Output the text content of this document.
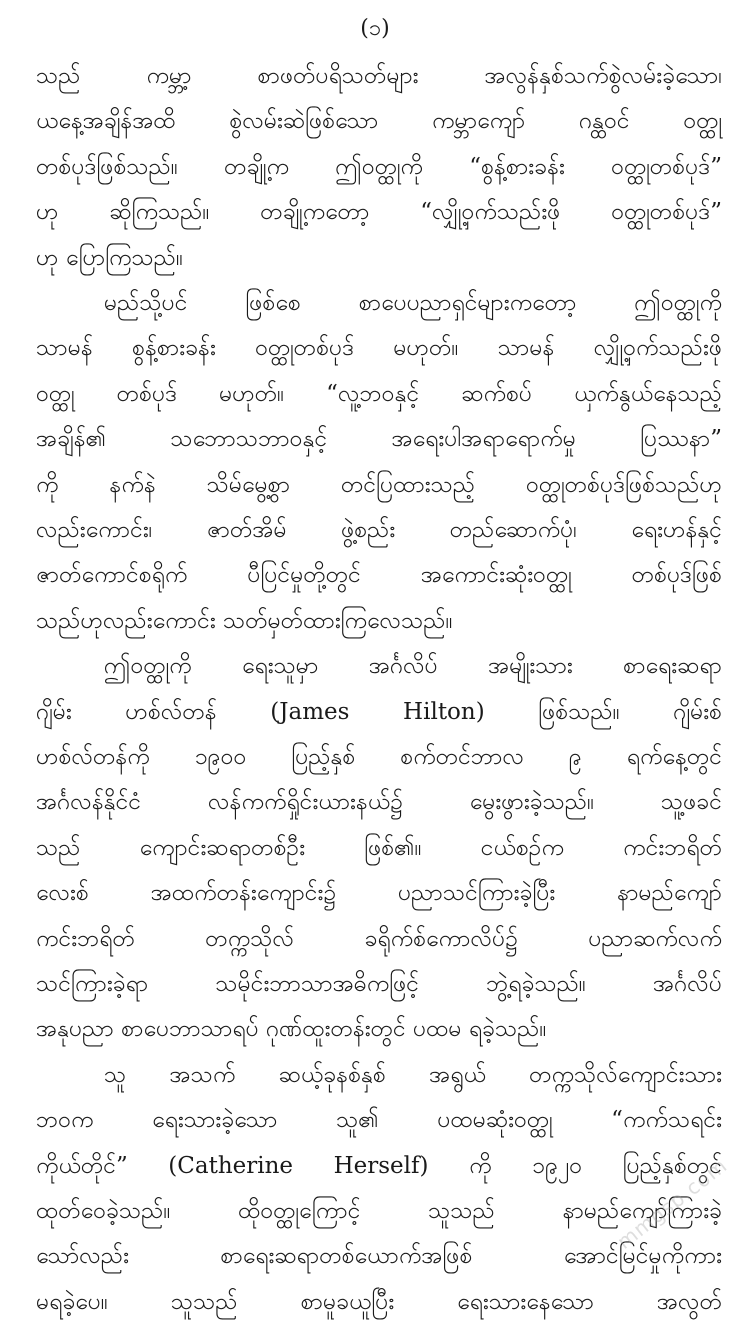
(၁)
သည် ကမ္ဘာ့ စာဖတ်ပရိသတ်များ အလွန်နှစ်သက်စွဲလမ်းခဲ့သော၊
ယနေ့အချိန်အထိ စွဲလမ်းဆဲဖြစ်သော ကမ္ဘာကျော် ဂန္ထဝင် ဝတ္ထု
တစ်ပုဒ်ဖြစ်သည်။ တချို့က ဤဝတ္ထုကို “စွန့်စားခန်း ဝတ္ထုတစ်ပုဒ်”
ဟု ဆိုကြသည်။ တချို့ကတော့ “လျှို့ဝှက်သည်းဖို ဝတ္ထုတစ်ပုဒ်”
ဟု ပြောကြသည်။
မည်သို့ပင် ဖြစ်စေ စာပေပညာရှင်များကတော့ ဤဝတ္ထုကို
သာမန် စွန့်စားခန်း ဝတ္ထုတစ်ပုဒ် မဟုတ်။ သာမန် လျှို့ဝှက်သည်းဖို
ဝတ္ထု တစ်ပုဒ် မဟုတ်။ “လူ့ဘဝနှင့် ဆက်စပ် ယှက်နွယ်နေသည့်
အချိန်၏ သဘောသဘာဝနှင့် အရေးပါအရာရောက်မှု ပြဿနာ”
ကို နက်နဲ သိမ်မွေ့စွာ တင်ပြထားသည့် ဝတ္ထုတစ်ပုဒ်ဖြစ်သည်ဟု
လည်းကောင်း၊ ဇာတ်အိမ် ဖွဲ့စည်း တည်ဆောက်ပုံ၊ ရေးဟန်နှင့်
ဇာတ်ကောင်စရိုက် ပီပြင်မှုတို့တွင် အကောင်းဆုံးဝတ္ထု တစ်ပုဒ်ဖြစ်
သည်ဟုလည်းကောင်း သတ်မှတ်ထားကြလေသည်။
ဤဝတ္ထုကို ရေးသူမှာ အင်္ဂလိပ် အမျိုးသား စာရေးဆရာ
ဂျိမ်း ဟစ်လ်တန် (James Hilton) ဖြစ်သည်။ ဂျိမ်းစ်
ဟစ်လ်တန်ကို ၁၉၀၀ ပြည့်နှစ် စက်တင်ဘာလ ၉ ရက်နေ့တွင်
အင်္ဂလန်နိုင်ငံ လန်ကက်ရှိုင်းယားနယ်၌ မွေးဖွားခဲ့သည်။ သူ့ဖခင်
သည် ကျောင်းဆရာတစ်ဦး ဖြစ်၏။ ငယ်စဉ်က ကင်းဘရိတ်
လေးစ် အထက်တန်းကျောင်း၌ ပညာသင်ကြားခဲ့ပြီး နာမည်ကျော်
ကင်းဘရိတ် တက္ကသိုလ် ခရိုက်စ်ကောလိပ်၌ ပညာဆက်လက်
သင်ကြားခဲ့ရာ သမိုင်းဘာသာအဓိကဖြင့် ဘွဲ့ရခဲ့သည်။ အင်္ဂလိပ်
အနုပညာ စာပေဘာသာရပ် ဂုဏ်ထူးတန်းတွင် ပထမ ရခဲ့သည်။
သူ အသက် ဆယ့်ခုနစ်နှစ် အရွယ် တက္ကသိုလ်ကျောင်းသား
ဘဝက ရေးသားခဲ့သော သူ၏ ပထမဆုံးဝတ္ထု “ကက်သရင်း
ကိုယ်တိုင်” (Catherine Herself) ကို ၁၉၂၀ ပြည့်နှစ်တွင်
ထုတ်ဝေခဲ့သည်။ ထိုဝတ္ထုကြောင့် သူသည် နာမည်ကျော်ကြားခဲ့
သော်လည်း စာရေးဆရာတစ်ယောက်အဖြစ် အောင်မြင်မှုကိုကား
မရခဲ့ပေ။ သူသည် စာမူခယူပြီး ရေးသားနေသော အလွတ်
mmgsp.com
